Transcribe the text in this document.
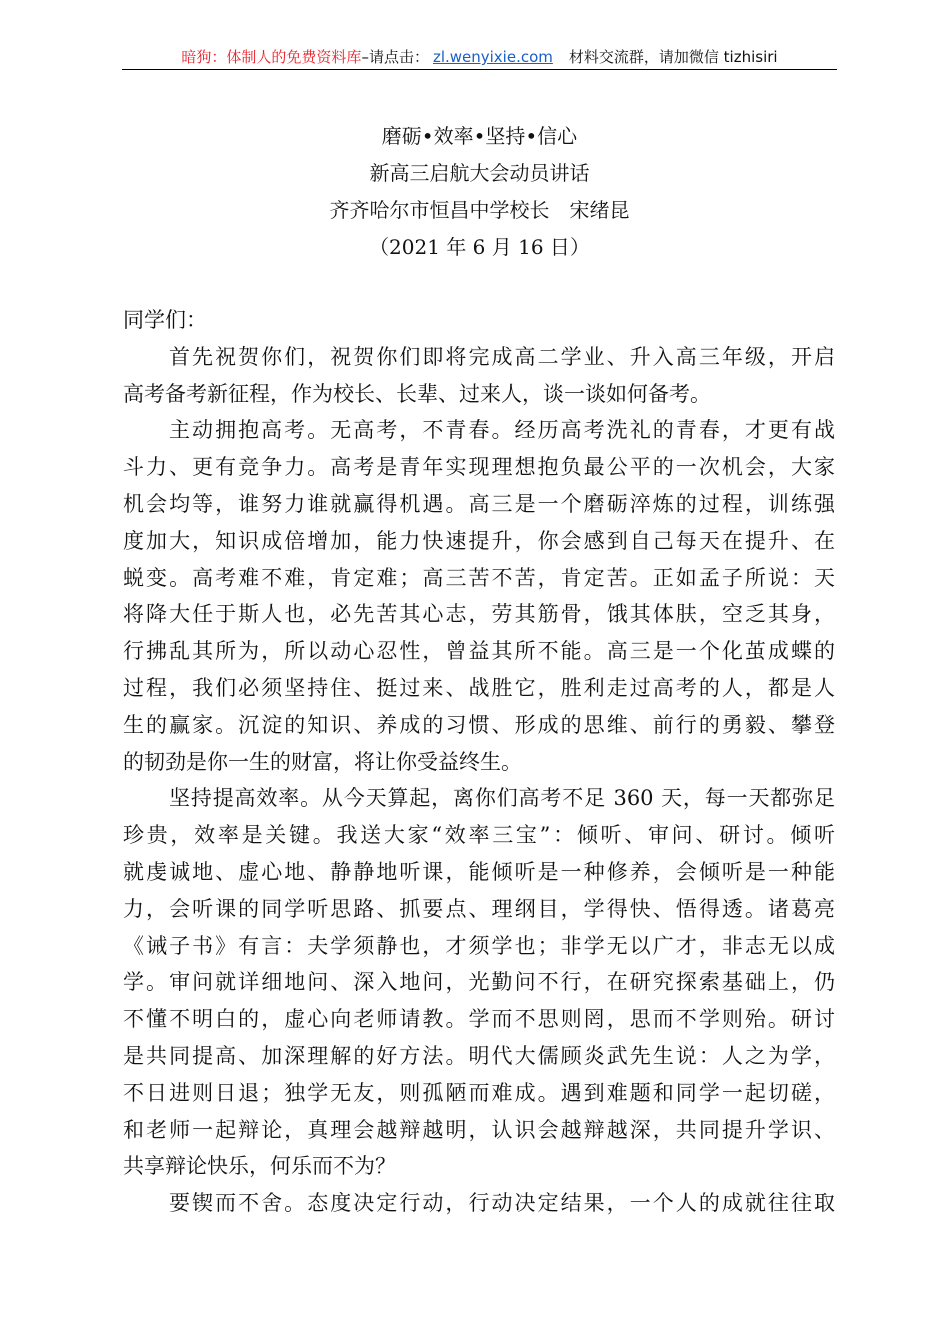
暗狗：体制人的免费资料库–请点击： zl.wenyixie.com 材料交流群，请加微信 tizhisiri
磨砺•效率•坚持•信心
新高三启航大会动员讲话
齐齐哈尔市恒昌中学校长　宋绪昆
（2021 年 6 月 16 日）
同学们：
首先祝贺你们，祝贺你们即将完成高二学业、升入高三年级，开启
高考备考新征程，作为校长、长辈、过来人，谈一谈如何备考。
主动拥抱高考。无高考，不青春。经历高考洗礼的青春，才更有战
斗力、更有竞争力。高考是青年实现理想抱负最公平的一次机会，大家
机会均等，谁努力谁就赢得机遇。高三是一个磨砺淬炼的过程，训练强
度加大，知识成倍增加，能力快速提升，你会感到自己每天在提升、在
蜕变。高考难不难，肯定难；高三苦不苦，肯定苦。正如孟子所说：天
将降大任于斯人也，必先苦其心志，劳其筋骨，饿其体肤，空乏其身，
行拂乱其所为，所以动心忍性，曾益其所不能。高三是一个化茧成蝶的
过程，我们必须坚持住、挺过来、战胜它，胜利走过高考的人，都是人
生的赢家。沉淀的知识、养成的习惯、形成的思维、前行的勇毅、攀登
的韧劲是你一生的财富，将让你受益终生。
坚持提高效率。从今天算起，离你们高考不足 360 天，每一天都弥足
珍贵，效率是关键。我送大家“效率三宝”：倾听、审问、研讨。倾听
就虔诚地、虚心地、静静地听课，能倾听是一种修养，会倾听是一种能
力，会听课的同学听思路、抓要点、理纲目，学得快、悟得透。诸葛亮
《诫子书》有言：夫学须静也，才须学也；非学无以广才，非志无以成
学。审问就详细地问、深入地问，光勤问不行，在研究探索基础上，仍
不懂不明白的，虚心向老师请教。学而不思则罔，思而不学则殆。研讨
是共同提高、加深理解的好方法。明代大儒顾炎武先生说：人之为学，
不日进则日退；独学无友，则孤陋而难成。遇到难题和同学一起切磋，
和老师一起辩论，真理会越辩越明，认识会越辩越深，共同提升学识、
共享辩论快乐，何乐而不为？
要锲而不舍。态度决定行动，行动决定结果，一个人的成就往往取
